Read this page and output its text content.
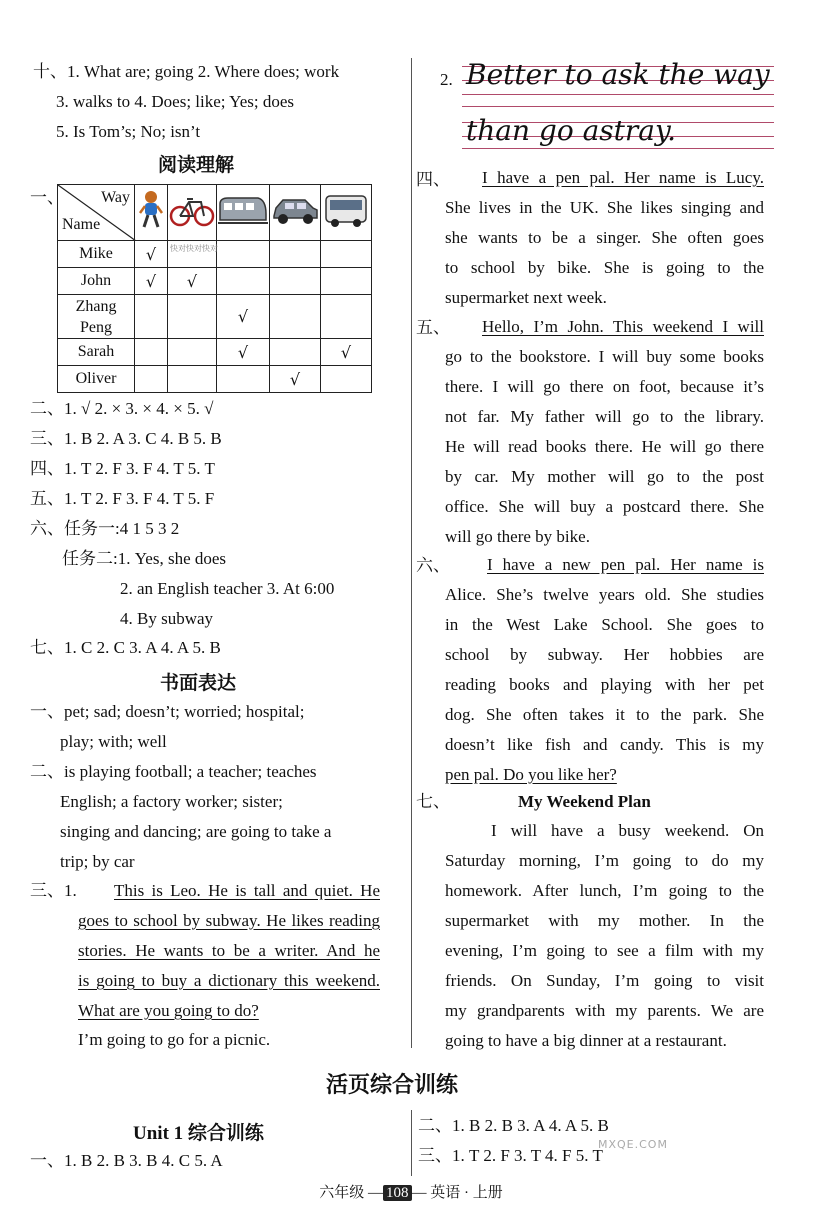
十、1. What are; going 2. Where does; work
3. walks to 4. Does; like; Yes; does
5. Is Tom’s; No; isn’t
阅读理解
一、 Way
Name

Mike	√	快对快对快对			

John	√	√			
Zhang Peng			√		
Sarah			√		√
Oliver				√	
二、1. √ 2. × 3. × 4. × 5. √
三、1. B 2. A 3. C 4. B 5. B
四、1. T 2. F 3. F 4. T 5. T
五、1. T 2. F 3. F 4. T 5. F
六、任务一:4 1 5 3 2
任务二:1. Yes, she does
2. an English teacher 3. At 6:00
4. By subway
七、1. C 2. C 3. A 4. A 5. B
书面表达
一、pet; sad; doesn’t; worried; hospital;
play; with; well
二、is playing football; a teacher; teaches
English; a factory worker; sister;
singing and dancing; are going to take a
trip; by car
三、1.	This is Leo. He is tall and quiet. He
goes to school by subway. He likes reading
stories. He wants to be a writer. And he
is going to buy a dictionary this weekend.
What are you going to do?
I’m going to go for a picnic.
2. Better to ask the way
than go astray.
四、	I have a pen pal. Her name is Lucy.
She lives in the UK. She likes singing and
she wants to be a singer. She often goes
to school by bike. She is going to the
supermarket next week.
五、	Hello, I’m John. This weekend I will
go to the bookstore. I will buy some books
there. I will go there on foot, because it’s
not far. My father will go to the library.
He will read books there. He will go there
by car. My mother will go to the post
office. She will buy a postcard there. She
will go there by bike.
六、	I have a new pen pal. Her name is
Alice. She’s twelve years old. She studies
in the West Lake School. She goes to
school by subway. Her hobbies are
reading books and playing with her pet
dog. She often takes it to the park. She
doesn’t like fish and candy. This is my
pen pal. Do you like her?
七、	My Weekend Plan
I will have a busy weekend. On
Saturday morning, I’m going to do my
homework. After lunch, I’m going to the
supermarket with my mother. In the
evening, I’m going to see a film with my
friends. On Sunday, I’m going to visit
my grandparents with my parents. We are
going to have a big dinner at a restaurant.
活页综合训练
Unit 1 综合训练
一、1. B 2. B 3. B 4. C 5. A
二、1. B 2. B 3. A 4. A 5. B
三、1. T 2. F 3. T 4. F 5. T
MXQE.COM
六年级 — 108 — 英语 · 上册
